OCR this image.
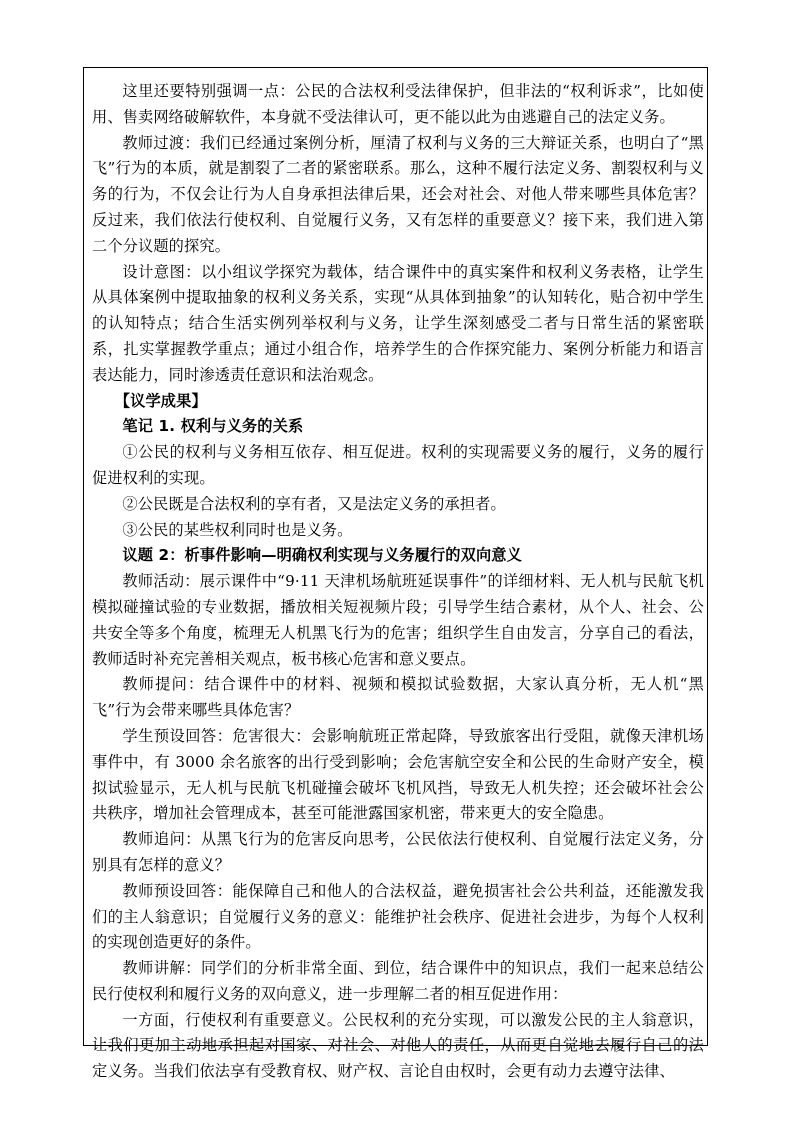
这里还要特别强调一点：公民的合法权利受法律保护，但非法的“权利诉求”，比如使用、售卖网络破解软件，本身就不受法律认可，更不能以此为由逃避自己的法定义务。

教师过渡：我们已经通过案例分析，厘清了权利与义务的三大辩证关系，也明白了“黑飞”行为的本质，就是割裂了二者的紧密联系。那么，这种不履行法定义务、割裂权利与义务的行为，不仅会让行为人自身承担法律后果，还会对社会、对他人带来哪些具体危害？反过来，我们依法行使权利、自觉履行义务，又有怎样的重要意义？接下来，我们进入第二个分议题的探究。

设计意图：以小组议学探究为载体，结合课件中的真实案件和权利义务表格，让学生从具体案例中提取抽象的权利义务关系，实现“从具体到抽象”的认知转化，贴合初中学生的认知特点；结合生活实例列举权利与义务，让学生深刻感受二者与日常生活的紧密联系，扎实掌握教学重点；通过小组合作，培养学生的合作探究能力、案例分析能力和语言表达能力，同时渗透责任意识和法治观念。

【议学成果】

笔记 1. 权利与义务的关系

①公民的权利与义务相互依存、相互促进。权利的实现需要义务的履行，义务的履行促进权利的实现。

②公民既是合法权利的享有者，又是法定义务的承担者。

③公民的某些权利同时也是义务。

议题 2：析事件影响—明确权利实现与义务履行的双向意义

教师活动：展示课件中“9·11 天津机场航班延误事件”的详细材料、无人机与民航飞机模拟碰撞试验的专业数据，播放相关短视频片段；引导学生结合素材，从个人、社会、公共安全等多个角度，梳理无人机黑飞行为的危害；组织学生自由发言，分享自己的看法，教师适时补充完善相关观点，板书核心危害和意义要点。

教师提问：结合课件中的材料、视频和模拟试验数据，大家认真分析，无人机“黑飞”行为会带来哪些具体危害？

学生预设回答：危害很大：会影响航班正常起降，导致旅客出行受阻，就像天津机场事件中，有 3000 余名旅客的出行受到影响；会危害航空安全和公民的生命财产安全，模拟试验显示，无人机与民航飞机碰撞会破坏飞机风挡，导致无人机失控；还会破坏社会公共秩序，增加社会管理成本，甚至可能泄露国家机密，带来更大的安全隐患。

教师追问：从黑飞行为的危害反向思考，公民依法行使权利、自觉履行法定义务，分别具有怎样的意义？

教师预设回答：能保障自己和他人的合法权益，避免损害社会公共利益，还能激发我们的主人翁意识；自觉履行义务的意义：能维护社会秩序、促进社会进步，为每个人权利的实现创造更好的条件。

教师讲解：同学们的分析非常全面、到位，结合课件中的知识点，我们一起来总结公民行使权利和履行义务的双向意义，进一步理解二者的相互促进作用：

一方面，行使权利有重要意义。公民权利的充分实现，可以激发公民的主人翁意识，让我们更加主动地承担起对国家、对社会、对他人的责任，从而更自觉地去履行自己的法定义务。当我们依法享有受教育权、财产权、言论自由权时，会更有动力去遵守法律、
